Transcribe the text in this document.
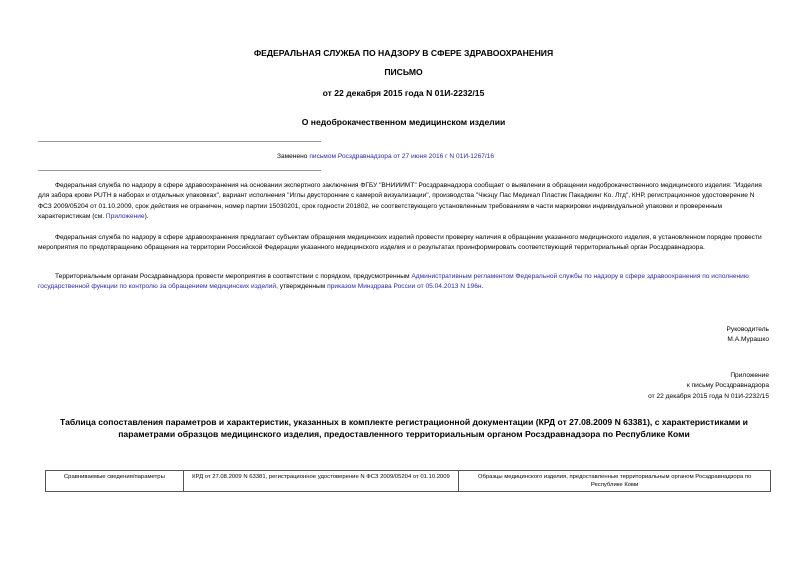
ФЕДЕРАЛЬНАЯ СЛУЖБА ПО НАДЗОРУ В СФЕРЕ ЗДРАВООХРАНЕНИЯ
ПИСЬМО
от 22 декабря 2015 года N 01И-2232/15
О недоброкачественном медицинском изделии
Заменено письмом Росздравнадзора от 27 июня 2016 г N 01И-1267/16
Федеральная служба по надзору в сфере здравоохранения на основании экспертного заключения ФГБУ "ВНИИИМТ" Росздравнадзора сообщает о выявлении в обращении недоброкачественного медицинского изделия: "Изделия для забора крови PUTH в наборах и отдельных упаковках", вариант исполнения "Иглы двусторонние с камерой визуализации", производства "Чжэцу Пас Медикал Пластик Пакаджинг Ко. Лтд", КНР, регистрационное удостоверение N ФСЗ 2009/05204 от 01.10.2009, срок действия не ограничен, номер партии 15030201, срок годности 201802, не соответствующего установленным требованиям в части маркировки индивидуальной упаковки и проверенным характеристикам (см. Приложение).
Федеральная служба по надзору в сфере здравоохранения предлагает субъектам обращения медицинских изделий провести проверку наличия в обращении указанного медицинского изделия, в установленном порядке провести мероприятия по предотвращению обращения на территории Российской Федерации указанного медицинского изделия и о результатах проинформировать соответствующий территориальный орган Росздравнадзора.
Территориальным органам Росздравнадзора провести мероприятия в соответствии с порядком, предусмотренным Административным регламентом Федеральной службы по надзору в сфере здравоохранения по исполнению государственной функции по контролю за обращением медицинских изделий, утвержденным приказом Минздрава России от 05.04.2013 N 196н.
Руководитель
М.А.Мурашко
Приложение
к письму Росздравнадзора
от 22 декабря 2015 года N 01И-2232/15
Таблица сопоставления параметров и характеристик, указанных в комплекте регистрационной документации (КРД от 27.08.2009 N 63381), с характеристиками и параметрами образцов медицинского изделия, предоставленного территориальным органом Росздравнадзора по Республике Коми
Сравниваемые сведения/параметры	КРД от 27.08.2009 N 63381, регистрационное удостоверение N ФСЗ 2009/05204 от 01.10.2009	Образцы медицинского изделия, предоставленные территориальным органом Росздравнадзора по Республике Коми
